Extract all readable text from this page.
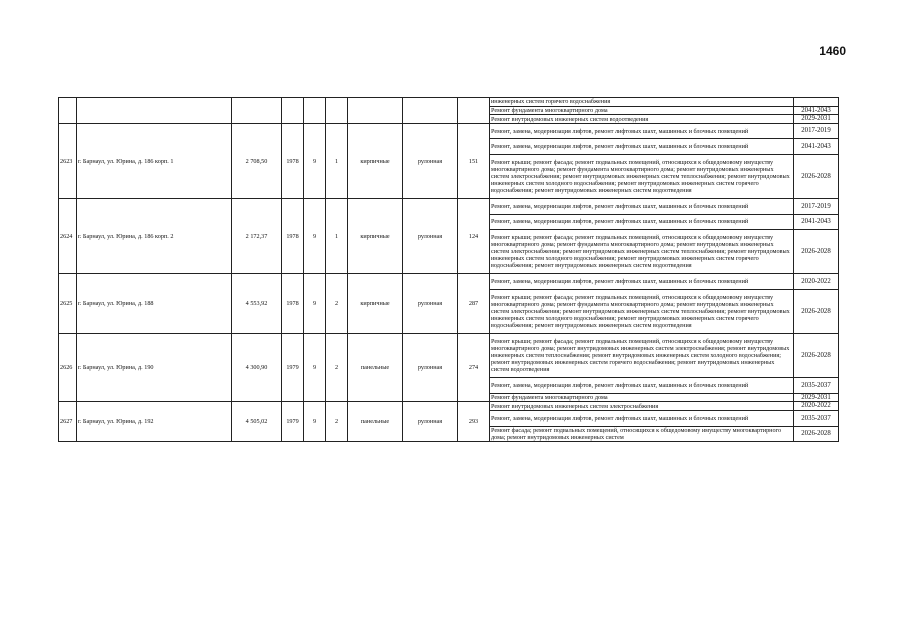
1460
									инженерных систем горячего водоснабжения	
									Ремонт фундамента многоквартирного дома	2041-2043
									Ремонт внутридомовых инженерных систем водоотведения	2029-2031
2623	г. Барнаул, ул. Юрина, д. 186 корп. 1	2 708,50	1978	9	1	кирпичные	рулонная	151	Ремонт, замена, модернизация лифтов, ремонт лифтовых шахт, машинных и блочных помещений	2017-2019
									Ремонт, замена, модернизация лифтов, ремонт лифтовых шахт, машинных и блочных помещений	2041-2043
									Ремонт крыши; ремонт фасада; ремонт подвальных помещений, относящихся к общедомовому имуществу многоквартирного дома; ремонт фундамента многоквартирного дома; ремонт внутридомовых инженерных систем электроснабжения; ремонт внутридомовых инженерных систем теплоснабжения; ремонт внутридомовых инженерных систем холодного водоснабжения; ремонт внутридомовых инженерных систем горячего водоснабжения; ремонт внутридомовых инженерных систем водоотведения	2026-2028
2624	г. Барнаул, ул. Юрина, д. 186 корп. 2	2 172,37	1978	9	1	кирпичные	рулонная	124	Ремонт, замена, модернизация лифтов, ремонт лифтовых шахт, машинных и блочных помещений	2017-2019
									Ремонт, замена, модернизация лифтов, ремонт лифтовых шахт, машинных и блочных помещений	2041-2043
									Ремонт крыши; ремонт фасада; ремонт подвальных помещений, относящихся к общедомовому имуществу многоквартирного дома; ремонт фундамента многоквартирного дома; ремонт внутридомовых инженерных систем электроснабжения; ремонт внутридомовых инженерных систем теплоснабжения; ремонт внутридомовых инженерных систем холодного водоснабжения; ремонт внутридомовых инженерных систем горячего водоснабжения; ремонт внутридомовых инженерных систем водоотведения	2026-2028
2625	г. Барнаул, ул. Юрина, д. 188	4 553,92	1978	9	2	кирпичные	рулонная	287	Ремонт, замена, модернизация лифтов, ремонт лифтовых шахт, машинных и блочных помещений	2020-2022
									Ремонт крыши; ремонт фасада; ремонт подвальных помещений, относящихся к общедомовому имуществу многоквартирного дома; ремонт фундамента многоквартирного дома; ремонт внутридомовых инженерных систем электроснабжения; ремонт внутридомовых инженерных систем теплоснабжения; ремонт внутридомовых инженерных систем холодного водоснабжения; ремонт внутридомовых инженерных систем горячего водоснабжения; ремонт внутридомовых инженерных систем водоотведения	2026-2028
2626	г. Барнаул, ул. Юрина, д. 190	4 300,90	1979	9	2	панельные	рулонная	274	Ремонт крыши; ремонт фасада; ремонт подвальных помещений, относящихся к общедомовому имуществу многоквартирного дома; ремонт внутридомовых инженерных систем электроснабжения; ремонт внутридомовых инженерных систем теплоснабжения; ремонт внутридомовых инженерных систем холодного водоснабжения; ремонт внутридомовых инженерных систем горячего водоснабжения; ремонт внутридомовых инженерных систем водоотведения	2026-2028
									Ремонт, замена, модернизация лифтов, ремонт лифтовых шахт, машинных и блочных помещений	2035-2037
									Ремонт фундамента многоквартирного дома	2029-2031
2627	г. Барнаул, ул. Юрина, д. 192	4 505,02	1979	9	2	панельные	рулонная	293	Ремонт внутридомовых инженерных систем электроснабжения	2020-2022
									Ремонт, замена, модернизация лифтов, ремонт лифтовых шахт, машинных и блочных помещений	2035-2037
									Ремонт фасада; ремонт подвальных помещений, относящихся к общедомовому имуществу многоквартирного дома; ремонт внутридомовых инженерных систем	2026-2028
